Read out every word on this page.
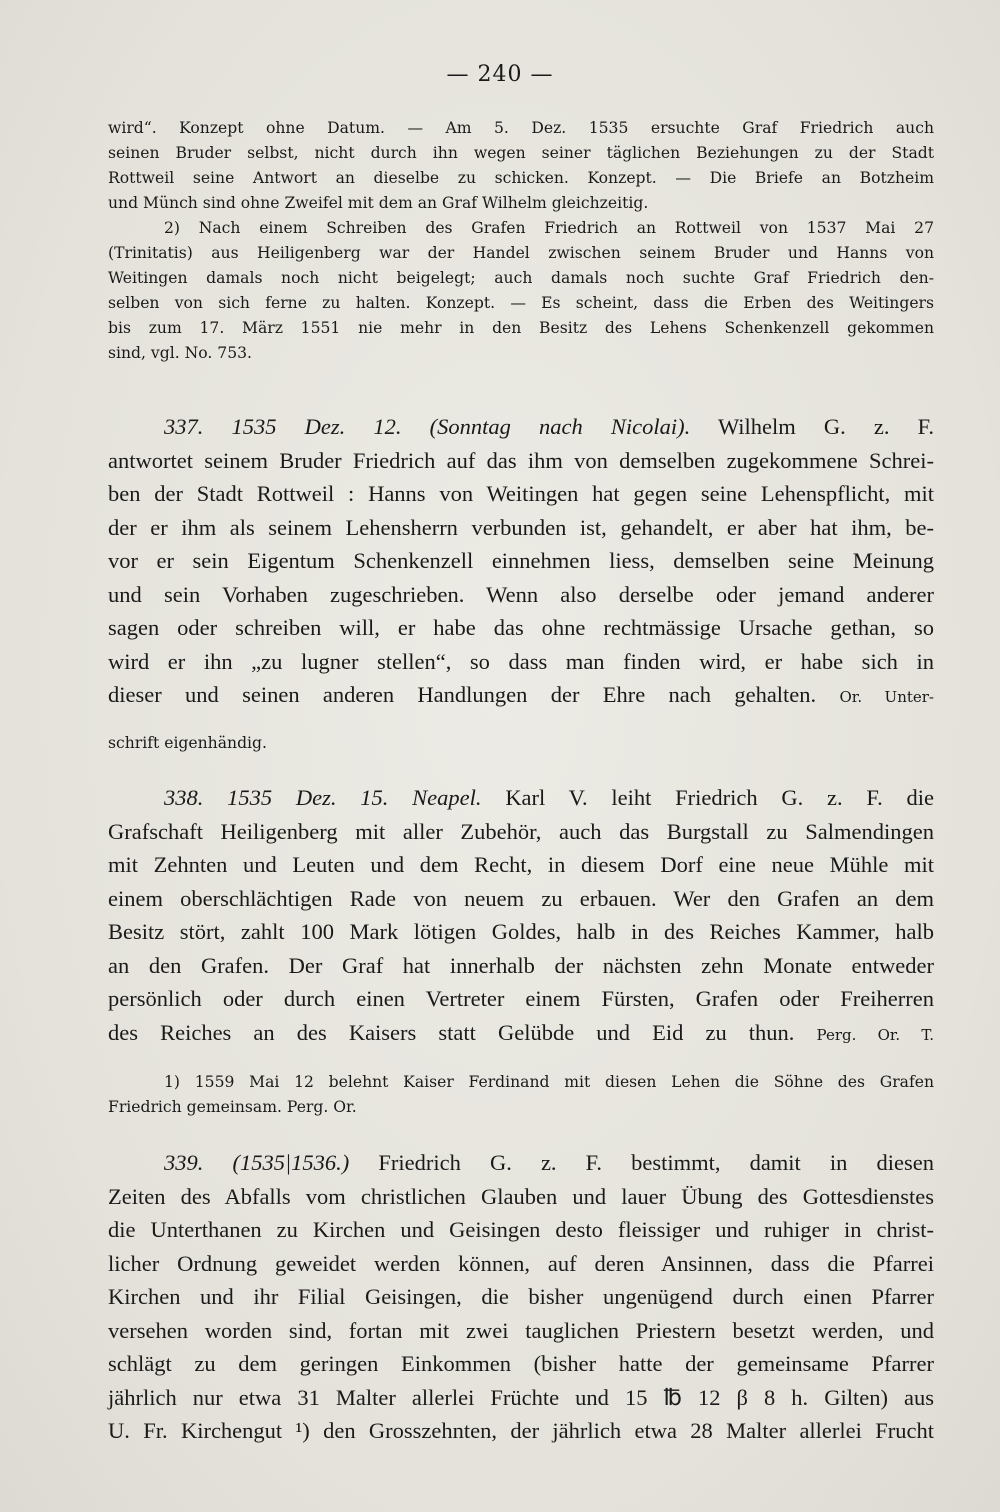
— 240 —
wird“. Konzept ohne Datum. — Am 5. Dez. 1535 ersuchte Graf Friedrich auch
seinen Bruder selbst, nicht durch ihn wegen seiner täglichen Beziehungen zu der Stadt
Rottweil seine Antwort an dieselbe zu schicken. Konzept. — Die Briefe an Botzheim
und Münch sind ohne Zweifel mit dem an Graf Wilhelm gleichzeitig.
2) Nach einem Schreiben des Grafen Friedrich an Rottweil von 1537 Mai 27
(Trinitatis) aus Heiligenberg war der Handel zwischen seinem Bruder und Hanns von
Weitingen damals noch nicht beigelegt; auch damals noch suchte Graf Friedrich den-
selben von sich ferne zu halten. Konzept. — Es scheint, dass die Erben des Weitingers
bis zum 17. März 1551 nie mehr in den Besitz des Lehens Schenkenzell gekommen
sind, vgl. No. 753.
337. 1535 Dez. 12. (Sonntag nach Nicolai). Wilhelm G. z. F.
antwortet seinem Bruder Friedrich auf das ihm von demselben zugekommene Schrei-
ben der Stadt Rottweil : Hanns von Weitingen hat gegen seine Lehenspflicht, mit
der er ihm als seinem Lehensherrn verbunden ist, gehandelt, er aber hat ihm, be-
vor er sein Eigentum Schenkenzell einnehmen liess, demselben seine Meinung
und sein Vorhaben zugeschrieben. Wenn also derselbe oder jemand anderer
sagen oder schreiben will, er habe das ohne rechtmässige Ursache gethan, so
wird er ihn „zu lugner stellen“, so dass man finden wird, er habe sich in
dieser und seinen anderen Handlungen der Ehre nach gehalten. Or. Unter-
schrift eigenhändig.
338. 1535 Dez. 15. Neapel. Karl V. leiht Friedrich G. z. F. die
Grafschaft Heiligenberg mit aller Zubehör, auch das Burgstall zu Salmendingen
mit Zehnten und Leuten und dem Recht, in diesem Dorf eine neue Mühle mit
einem oberschlächtigen Rade von neuem zu erbauen. Wer den Grafen an dem
Besitz stört, zahlt 100 Mark lötigen Goldes, halb in des Reiches Kammer, halb
an den Grafen. Der Graf hat innerhalb der nächsten zehn Monate entweder
persönlich oder durch einen Vertreter einem Fürsten, Grafen oder Freiherren
des Reiches an des Kaisers statt Gelübde und Eid zu thun. Perg. Or. T.
1) 1559 Mai 12 belehnt Kaiser Ferdinand mit diesen Lehen die Söhne des Grafen
Friedrich gemeinsam. Perg. Or.
339. (1535|1536.) Friedrich G. z. F. bestimmt, damit in diesen
Zeiten des Abfalls vom christlichen Glauben und lauer Übung des Gottesdienstes
die Unterthanen zu Kirchen und Geisingen desto fleissiger und ruhiger in christ-
licher Ordnung geweidet werden können, auf deren Ansinnen, dass die Pfarrei
Kirchen und ihr Filial Geisingen, die bisher ungenügend durch einen Pfarrer
versehen worden sind, fortan mit zwei tauglichen Priestern besetzt werden, und
schlägt zu dem geringen Einkommen (bisher hatte der gemeinsame Pfarrer
jährlich nur etwa 31 Malter allerlei Früchte und 15 ℔ 12 β 8 h. Gilten) aus
U. Fr. Kirchengut ¹) den Grosszehnten, der jährlich etwa 28 Malter allerlei Frucht
